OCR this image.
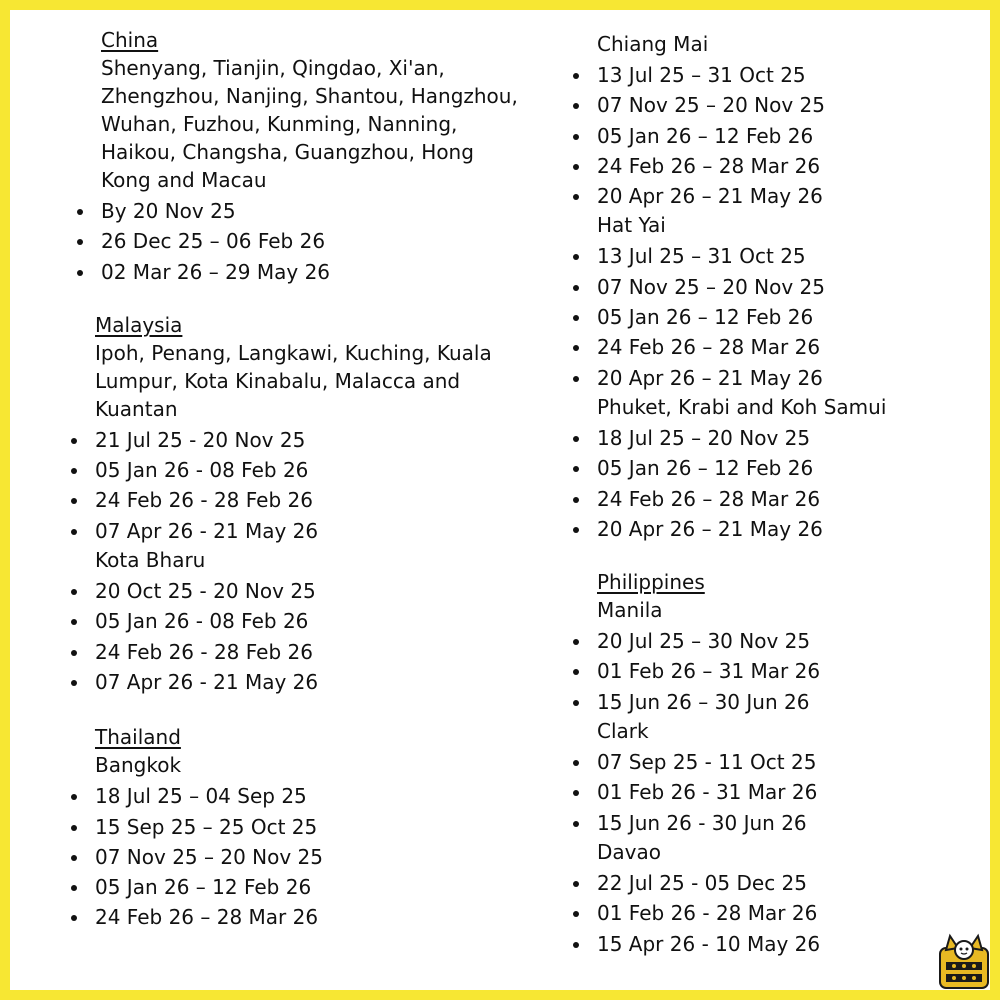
China
Shenyang, Tianjin, Qingdao, Xi'an, Zhengzhou, Nanjing, Shantou, Hangzhou, Wuhan, Fuzhou, Kunming, Nanning, Haikou, Changsha, Guangzhou, Hong Kong and Macau
By 20 Nov 25
26 Dec 25 – 06 Feb 26
02 Mar 26 – 29 May 26
Malaysia
Ipoh, Penang, Langkawi, Kuching, Kuala Lumpur, Kota Kinabalu, Malacca and Kuantan
21 Jul 25 - 20 Nov 25
05 Jan 26 - 08 Feb 26
24 Feb 26 - 28 Feb 26
07 Apr 26 - 21 May 26
Kota Bharu
20 Oct 25 - 20 Nov 25
05 Jan 26 - 08 Feb 26
24 Feb 26 - 28 Feb 26
07 Apr 26 - 21 May 26
Thailand
Bangkok
18 Jul 25 – 04 Sep 25
15 Sep 25 – 25 Oct 25
07 Nov 25 – 20 Nov 25
05 Jan 26 – 12 Feb 26
24 Feb 26 – 28 Mar 26
Chiang Mai
13 Jul 25 – 31 Oct 25
07 Nov 25 – 20 Nov 25
05 Jan 26 – 12 Feb 26
24 Feb 26 – 28 Mar 26
20 Apr 26 – 21 May 26
Hat Yai
13 Jul 25 – 31 Oct 25
07 Nov 25 – 20 Nov 25
05 Jan 26 – 12 Feb 26
24 Feb 26 – 28 Mar 26
20 Apr 26 – 21 May 26
Phuket, Krabi and Koh Samui
18 Jul 25 – 20 Nov 25
05 Jan 26 – 12 Feb 26
24 Feb 26 – 28 Mar 26
20 Apr 26 – 21 May 26
Philippines
Manila
20 Jul 25 – 30 Nov 25
01 Feb 26 – 31 Mar 26
15 Jun 26 – 30 Jun 26
Clark
07 Sep 25 - 11 Oct 25
01 Feb 26 - 31 Mar 26
15 Jun 26 - 30 Jun 26
Davao
22 Jul 25 - 05 Dec 25
01 Feb 26 - 28 Mar 26
15 Apr 26 - 10 May 26
